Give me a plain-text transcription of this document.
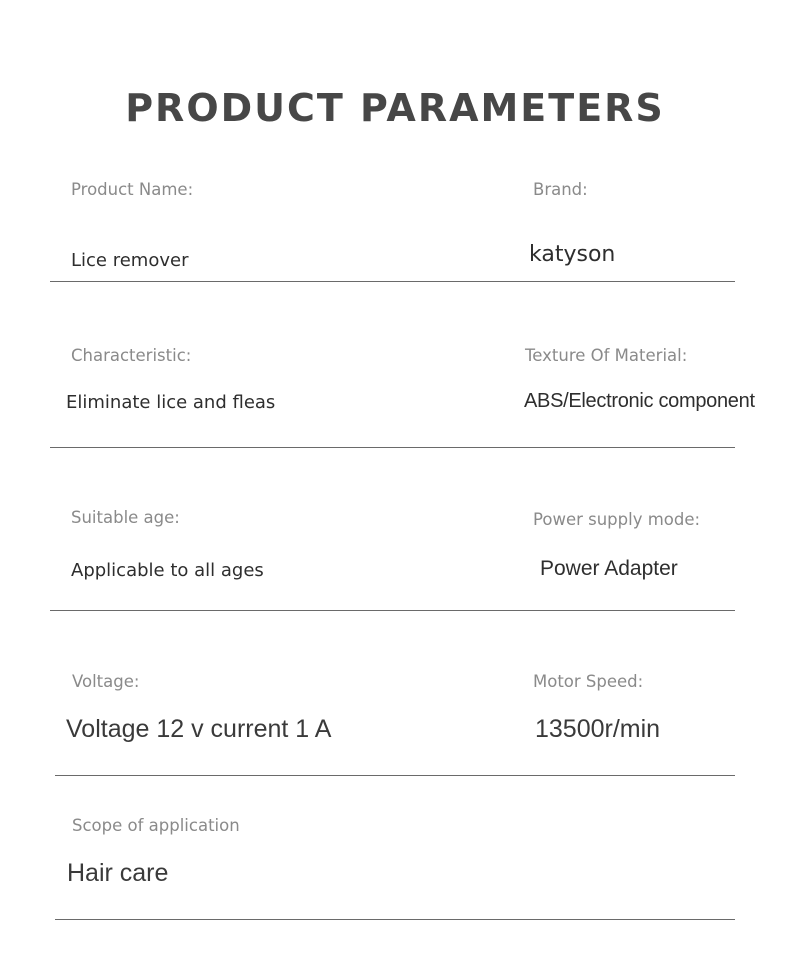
PRODUCT PARAMETERS
Product Name:
Lice remover
Brand:
katyson
Characteristic:
Eliminate lice and fleas
Texture Of Material:
ABS/Electronic component
Suitable age:
Applicable to all ages
Power supply mode:
Power Adapter
Voltage:
Voltage 12 v current 1 A
Motor Speed:
13500r/min
Scope of application
Hair care
